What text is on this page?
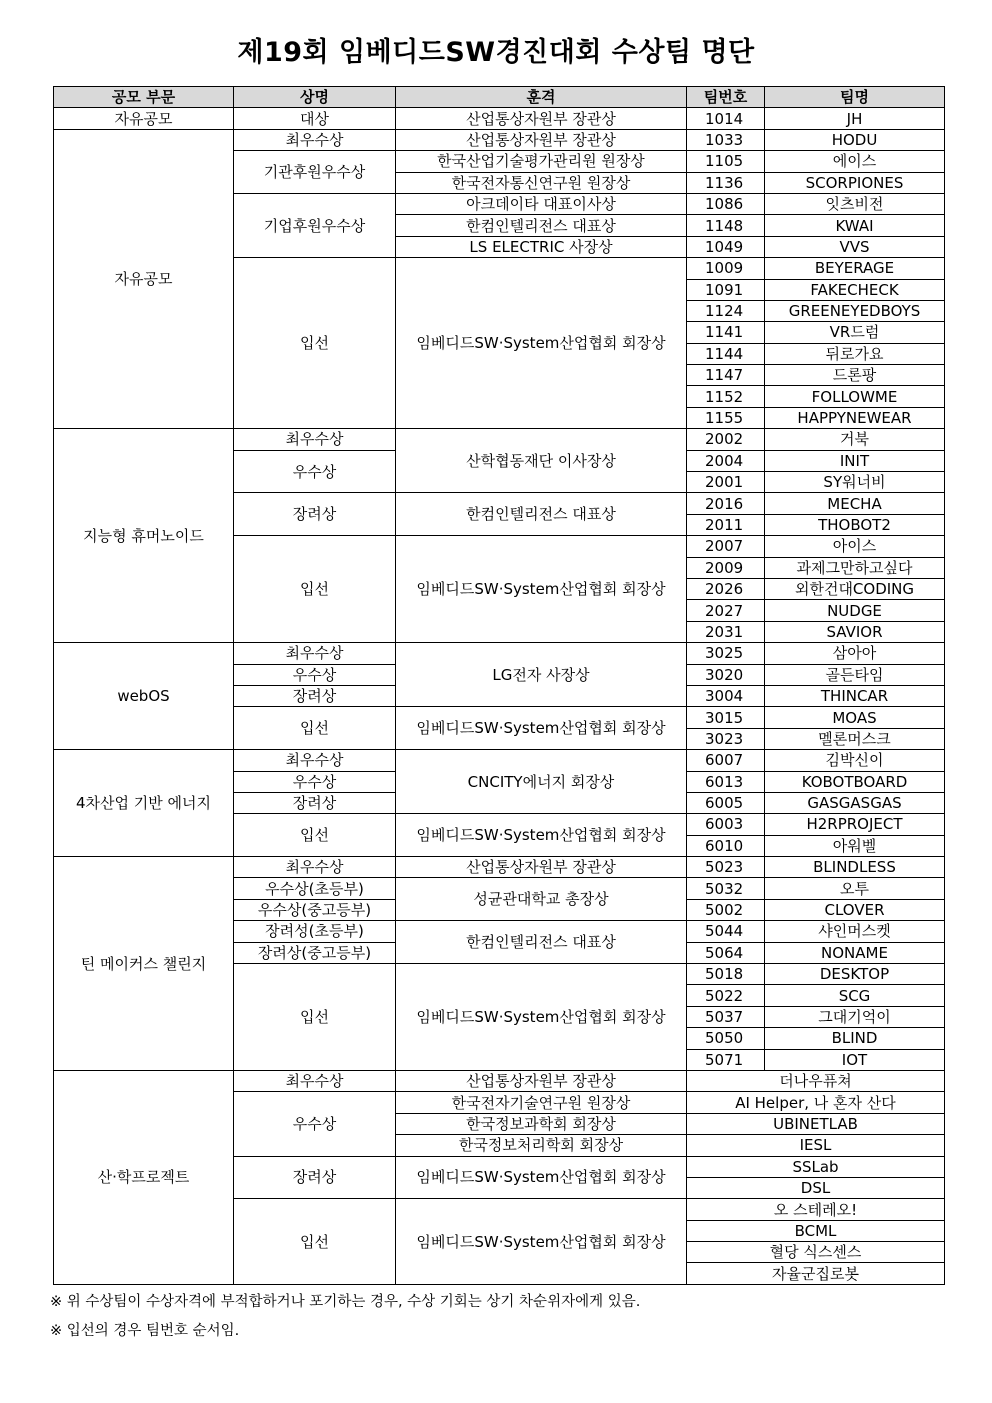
제19회 임베디드SW경진대회 수상팀 명단
공모 부문	상명	훈격	팀번호	팀명
자유공모	대상	산업통상자원부 장관상	1014	JH
자유공모	최우수상	산업통상자원부 장관상	1033	HODU
	기관후원우수상	한국산업기술평가관리원 원장상	1105	에이스
		한국전자통신연구원 원장상	1136	SCORPIONES
	기업후원우수상	아크데이타 대표이사상	1086	잇츠비전
		한컴인텔리전스 대표상	1148	KWAI
		LS ELECTRIC 사장상	1049	VVS
	입선	임베디드SW·System산업협회 회장상	1009	BEYERAGE
			1091	FAKECHECK
			1124	GREENEYEDBOYS
			1141	VR드럼
			1144	뒤로가요
			1147	드론팡
			1152	FOLLOWME
			1155	HAPPYNEWEAR
지능형 휴머노이드	최우수상	산학협동재단 이사장상	2002	거북
	우수상		2004	INIT
			2001	SY워너비
	장려상	한컴인텔리전스 대표상	2016	MECHA
			2011	THOBOT2
	입선	임베디드SW·System산업협회 회장상	2007	아이스
			2009	과제그만하고싶다
			2026	외한건대CODING
			2027	NUDGE
			2031	SAVIOR
webOS	최우수상	LG전자 사장상	3025	삼아아
	우수상		3020	골든타임
	장려상		3004	THINCAR
	입선	임베디드SW·System산업협회 회장상	3015	MOAS
			3023	멜론머스크
4차산업 기반 에너지	최우수상	CNCITY에너지 회장상	6007	김박신이
	우수상		6013	KOBOTBOARD
	장려상		6005	GASGASGAS
	입선	임베디드SW·System산업협회 회장상	6003	H2RPROJECT
			6010	아워벨
틴 메이커스 챌린지	최우수상	산업통상자원부 장관상	5023	BLINDLESS
	우수상(초등부)	성균관대학교 총장상	5032	오투
	우수상(중고등부)		5002	CLOVER
	장려성(초등부)	한컴인텔리전스 대표상	5044	샤인머스켓
	장려상(중고등부)		5064	NONAME
	입선	임베디드SW·System산업협회 회장상	5018	DESKTOP
			5022	SCG
			5037	그대기억이
			5050	BLIND
			5071	IOT
산·학프로젝트	최우수상	산업통상자원부 장관상	더나우퓨쳐	
	우수상	한국전자기술연구원 원장상	AI Helper, 나 혼자 산다	
		한국정보과학회 회장상	UBINETLAB	
		한국정보처리학회 회장상	IESL	
	장려상	임베디드SW·System산업협회 회장상	SSLab	
			DSL	
	입선	임베디드SW·System산업협회 회장상	오 스테레오!	
			BCML	
			혈당 식스센스	
			자율군집로봇	
※ 위 수상팀이 수상자격에 부적합하거나 포기하는 경우, 수상 기회는 상기 차순위자에게 있음.
※ 입선의 경우 팀번호 순서임.
